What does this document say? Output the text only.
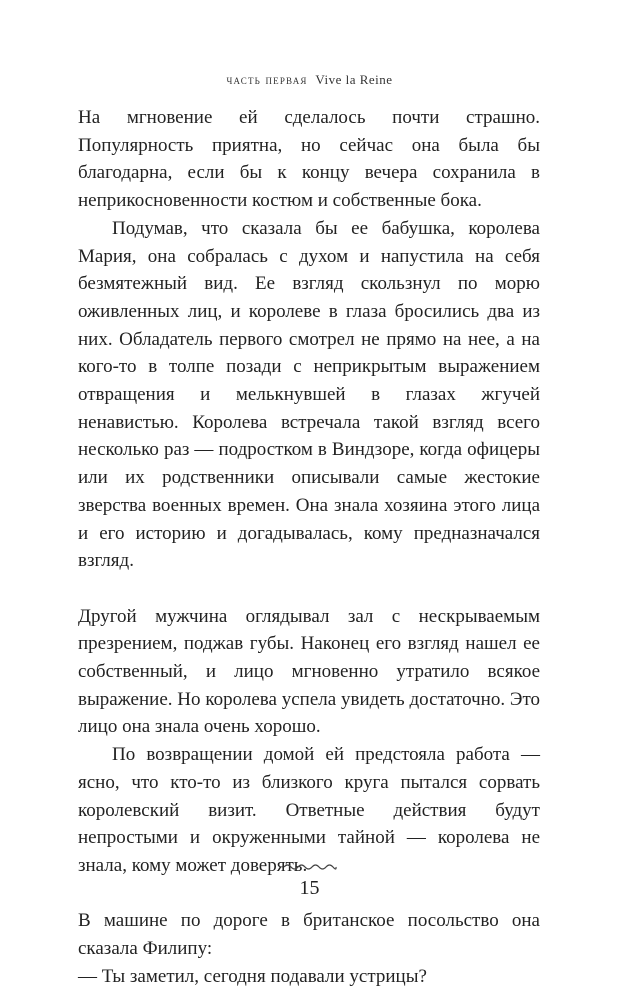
часть первая Vive la Reine

На мгновение ей сделалось почти страшно. Популярность приятна, но сейчас она была бы благодарна, если бы к концу вечера сохранила в неприкосновенности костюм и собственные бока.

Подумав, что сказала бы ее бабушка, королева Мария, она собралась с духом и напустила на себя безмятежный вид. Ее взгляд скользнул по морю оживленных лиц, и королеве в глаза бросились два из них. Обладатель первого смотрел не прямо на нее, а на кого-то в толпе позади с неприкрытым выражением отвращения и мелькнувшей в глазах жгучей ненавистью. Королева встречала такой взгляд всего несколько раз — подростком в Виндзоре, когда офицеры или их родственники описывали самые жестокие зверства военных времен. Она знала хозяина этого лица и его историю и догадывалась, кому предназначался взгляд.

Другой мужчина оглядывал зал с нескрываемым презрением, поджав губы. Наконец его взгляд нашел ее собственный, и лицо мгновенно утратило всякое выражение. Но королева успела увидеть достаточно. Это лицо она знала очень хорошо.

По возвращении домой ей предстояла работа — ясно, что кто-то из близкого круга пытался сорвать королевский визит. Ответные действия будут непростыми и окруженными тайной — королева не знала, кому может доверять.

В машине по дороге в британское посольство она сказала Филипу:

— Ты заметил, сегодня подавали устрицы?

15
